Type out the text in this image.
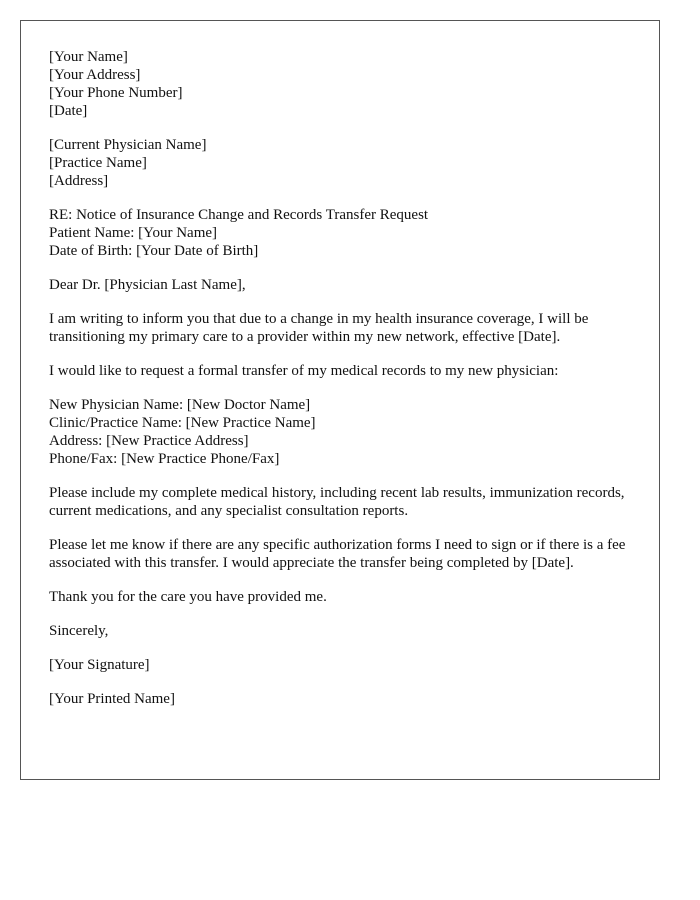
[Your Name]
[Your Address]
[Your Phone Number]
[Date]
[Current Physician Name]
[Practice Name]
[Address]
RE: Notice of Insurance Change and Records Transfer Request
Patient Name: [Your Name]
Date of Birth: [Your Date of Birth]

Dear Dr. [Physician Last Name],

I am writing to inform you that due to a change in my health insurance coverage, I will be transitioning my primary care to a provider within my new network, effective [Date].

I would like to request a formal transfer of my medical records to my new physician:

New Physician Name: [New Doctor Name]
Clinic/Practice Name: [New Practice Name]
Address: [New Practice Address]
Phone/Fax: [New Practice Phone/Fax]

Please include my complete medical history, including recent lab results, immunization records, current medications, and any specialist consultation reports.

Please let me know if there are any specific authorization forms I need to sign or if there is a fee associated with this transfer. I would appreciate the transfer being completed by [Date].

Thank you for the care you have provided me.

Sincerely,

[Your Signature]

[Your Printed Name]
